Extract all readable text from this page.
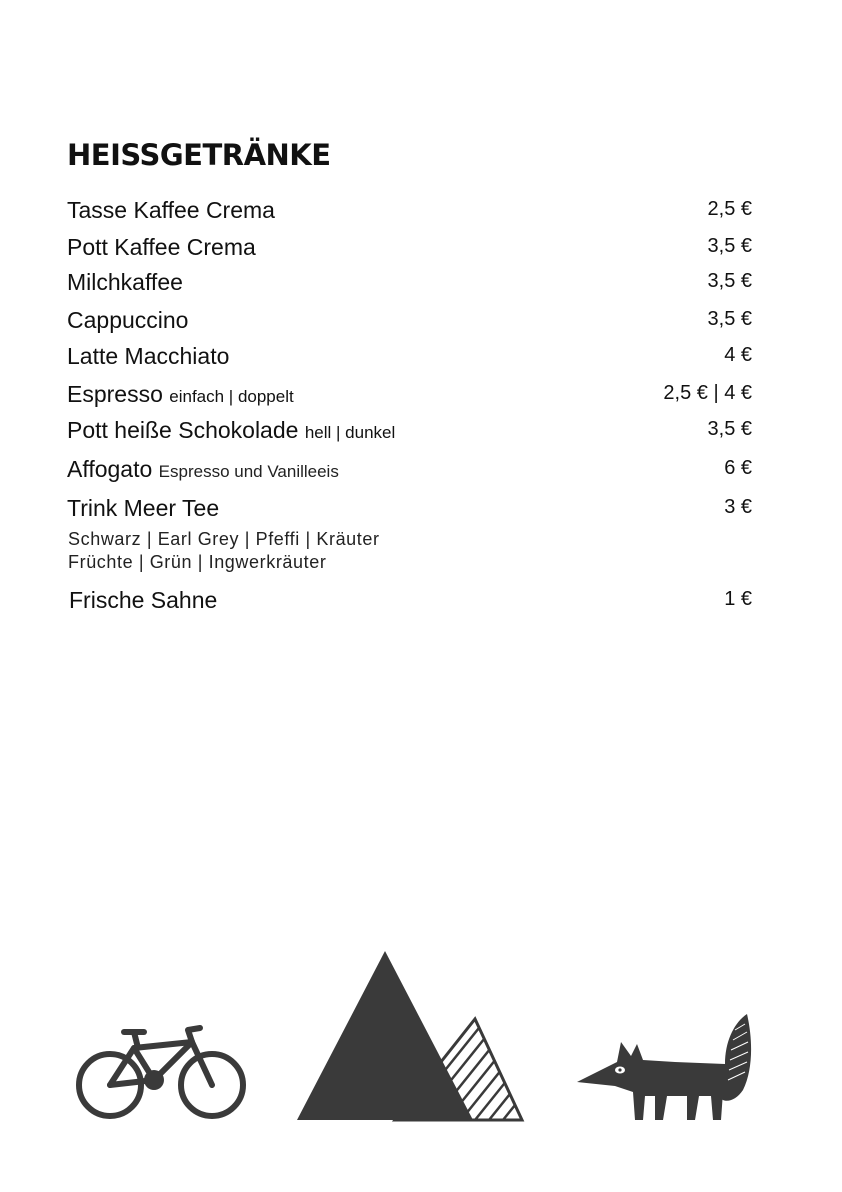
HEISSGETRÄNKE
Tasse Kaffee Crema	2,5 €
Pott Kaffee Crema	3,5 €
Milchkaffee	3,5 €
Cappuccino	3,5 €
Latte Macchiato	4 €
Espresso einfach | doppelt	2,5 € | 4 €
Pott heiße Schokolade hell | dunkel	3,5 €
Affogato Espresso und Vanilleeis	6 €
Trink Meer Tee	3 €
Schwarz | Earl Grey | Pfeffi | Kräuter
Früchte | Grün | Ingwerkräuter
Frische Sahne	1 €
